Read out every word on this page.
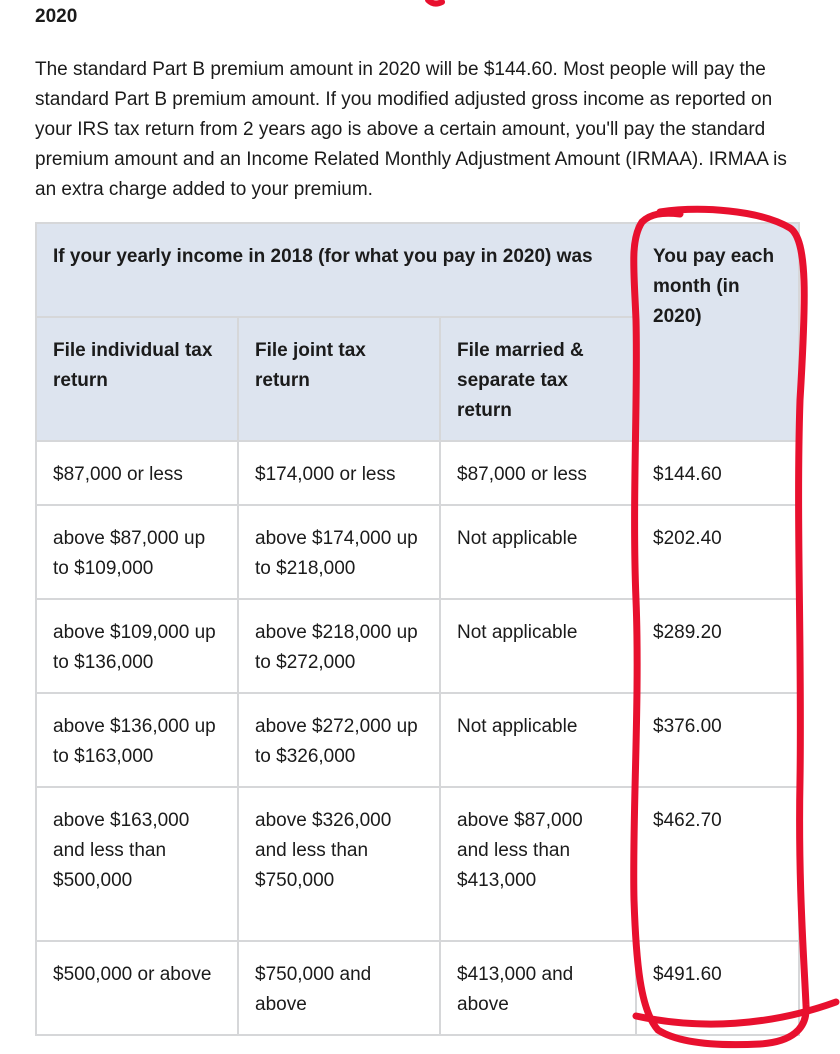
2020

The standard Part B premium amount in 2020 will be $144.60. Most people will pay the standard Part B premium amount. If you modified adjusted gross income as reported on your IRS tax return from 2 years ago is above a certain amount, you'll pay the standard premium amount and an Income Related Monthly Adjustment Amount (IRMAA). IRMAA is an extra charge added to your premium.

If your yearly income in 2018 (for what you pay in 2020) was			You pay each month (in 2020)
File individual tax return	File joint tax return	File married & separate tax return	
$87,000 or less	$174,000 or less	$87,000 or less	$144.60
above $87,000 up to $109,000	above $174,000 up to $218,000	Not applicable	$202.40
above $109,000 up to $136,000	above $218,000 up to $272,000	Not applicable	$289.20
above $136,000 up to $163,000	above $272,000 up to $326,000	Not applicable	$376.00
above $163,000 and less than $500,000	above $326,000 and less than $750,000	above $87,000 and less than $413,000	$462.70
$500,000 or above	$750,000 and above	$413,000 and above	$491.60
